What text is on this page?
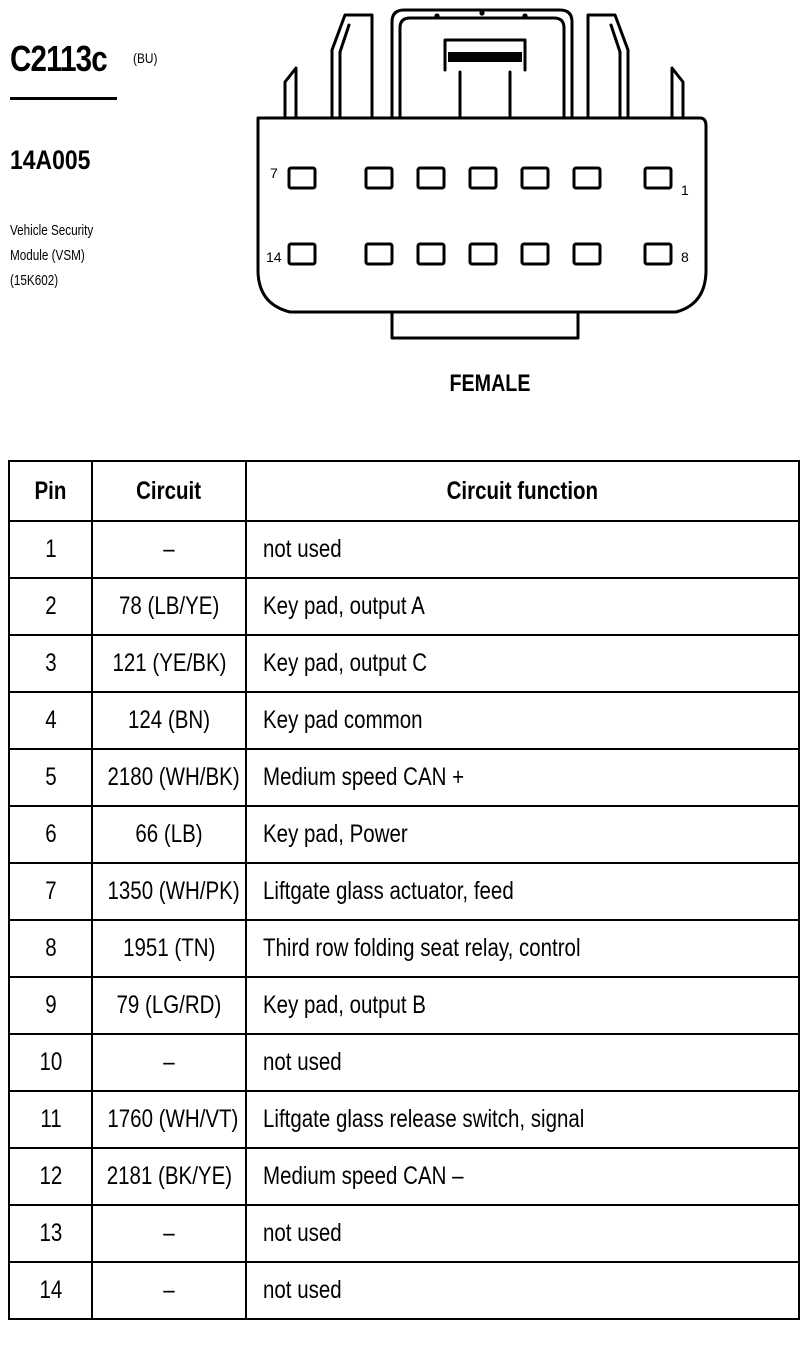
C2113c (BU)
14A005
Vehicle Security
Module (VSM)
(15K602)
7
1
14	8
FEMALE
Pin	Circuit	Circuit function
1	–	not used
2	78 (LB/YE)	Key pad, output A
3	121 (YE/BK)	Key pad, output C
4	124 (BN)	Key pad common
5	2180 (WH/BK)	Medium speed CAN +
6	66 (LB)	Key pad, Power
7	1350 (WH/PK)	Liftgate glass actuator, feed
8	1951 (TN)	Third row folding seat relay, control
9	79 (LG/RD)	Key pad, output B
10	–	not used
11	1760 (WH/VT)	Liftgate glass release switch, signal
12	2181 (BK/YE)	Medium speed CAN –
13	–	not used
14	–	not used
